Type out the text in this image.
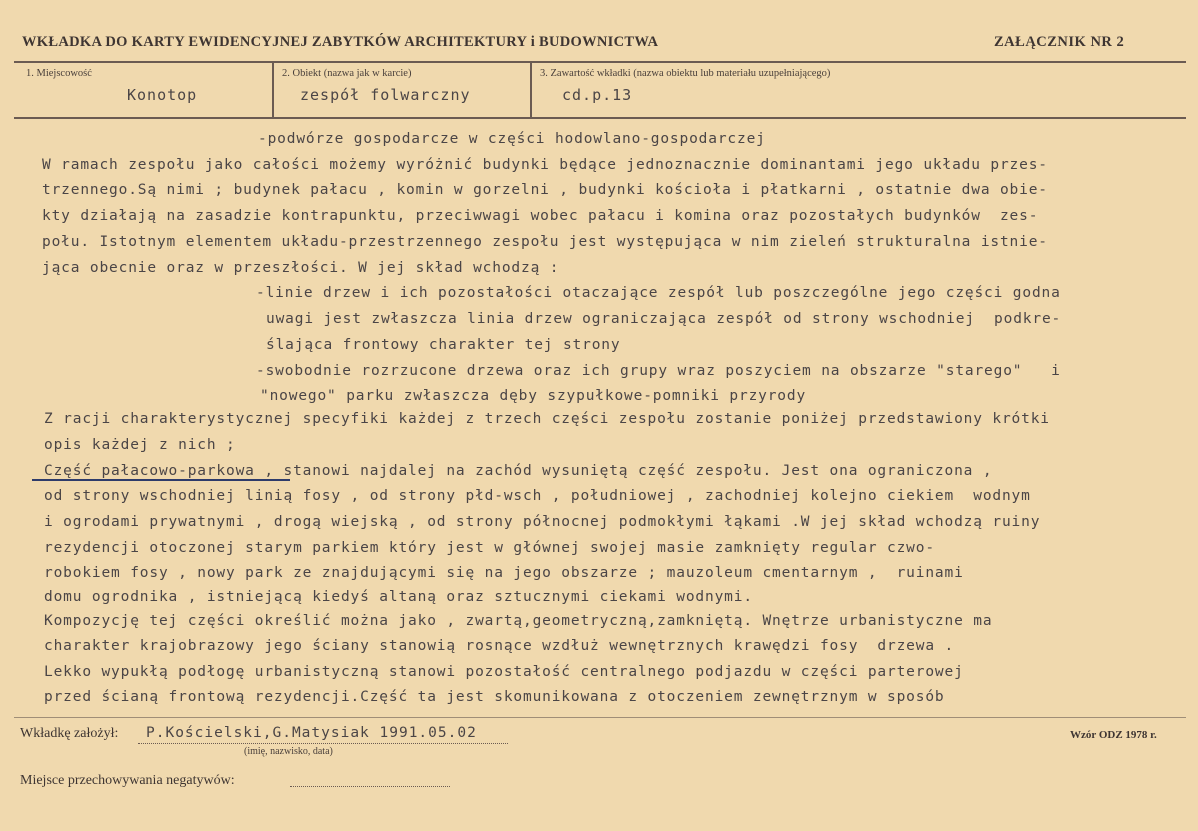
WKŁADKA DO KARTY EWIDENCYJNEJ ZABYTKÓW ARCHITEKTURY i BUDOWNICTWA	ZAŁĄCZNIK NR 2
1. Miejscowość
Konotop
2. Obiekt (nazwa jak w karcie)
zespół folwarczny
3. Zawartość wkładki (nazwa obiektu lub materiału uzupełniającego)
cd.p.13
-podwórze gospodarcze w części hodowlano-gospodarczej
W ramach zespołu jako całości możemy wyróżnić budynki będące jednoznacznie dominantami jego układu przes-
trzennego.Są nimi ; budynek pałacu , komin w gorzelni , budynki kościoła i płatkarni , ostatnie dwa obie-
kty działają na zasadzie kontrapunktu, przeciwwagi wobec pałacu i komina oraz pozostałych budynków  zes-
połu. Istotnym elementem układu-przestrzennego zespołu jest występująca w nim zieleń strukturalna istnie-
jąca obecnie oraz w przeszłości. W jej skład wchodzą :
-linie drzew i ich pozostałości otaczające zespół lub poszczególne jego części godna
uwagi jest zwłaszcza linia drzew ograniczająca zespół od strony wschodniej  podkre-
ślająca frontowy charakter tej strony
-swobodnie rozrzucone drzewa oraz ich grupy wraz poszyciem na obszarze "starego"   i
"nowego" parku zwłaszcza dęby szypułkowe-pomniki przyrody
Z racji charakterystycznej specyfiki każdej z trzech części zespołu zostanie poniżej przedstawiony krótki
opis każdej z nich ;
Część pałacowo-parkowa , stanowi najdalej na zachód wysuniętą część zespołu. Jest ona ograniczona ,
od strony wschodniej linią fosy , od strony płd-wsch , południowej , zachodniej kolejno ciekiem  wodnym
i ogrodami prywatnymi , drogą wiejską , od strony północnej podmokłymi łąkami .W jej skład wchodzą ruiny
rezydencji otoczonej starym parkiem który jest w głównej swojej masie zamknięty regular czwo-
robokiem fosy , nowy park ze znajdującymi się na jego obszarze ; mauzoleum cmentarnym ,  ruinami
domu ogrodnika , istniejącą kiedyś altaną oraz sztucznymi ciekami wodnymi.
Kompozycję tej części określić można jako , zwartą,geometryczną,zamkniętą. Wnętrze urbanistyczne ma
charakter krajobrazowy jego ściany stanowią rosnące wzdłuż wewnętrznych krawędzi fosy  drzewa .
Lekko wypukłą podłogę urbanistyczną stanowi pozostałość centralnego podjazdu w części parterowej
przed ścianą frontową rezydencji.Część ta jest skomunikowana z otoczeniem zewnętrznym w sposób
Wkładkę założył: P.Kościelski,G.Matysiak 1991.05.02
(imię, nazwisko, data)
Wzór ODZ 1978 r.
Miejsce przechowywania negatywów:
